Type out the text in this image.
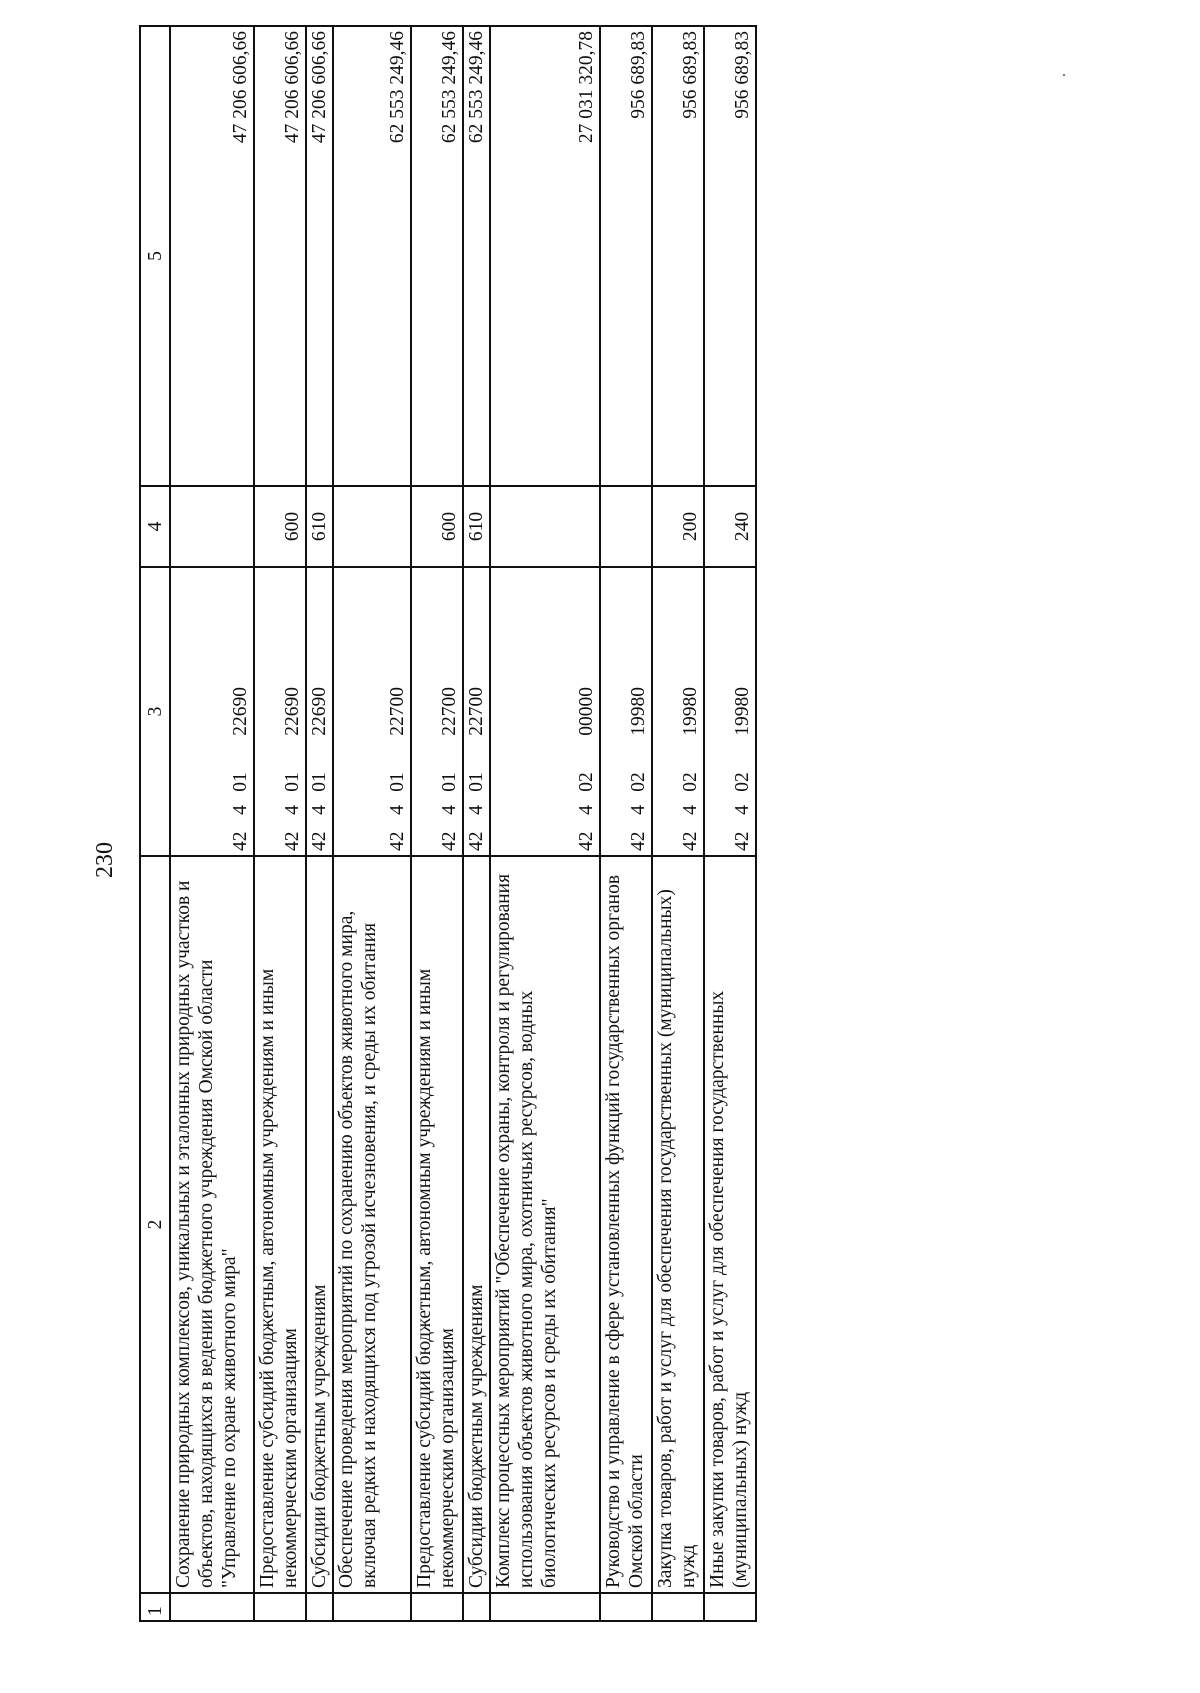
230
1	2	3	4	5
	Сохранение природных комплексов, уникальных и эталонных природных участков и объектов, находящихся в ведении бюджетного учреждения Омской области "Управление по охране животного мира"	4240122690		47 206 606,66
	Предоставление субсидий бюджетным, автономным учреждениям и иным некоммерческим организациям	4240122690	600	47 206 606,66
	Субсидии бюджетным учреждениям	4240122690	610	47 206 606,66
	Обеспечение проведения мероприятий по сохранению объектов животного мира, включая редких и находящихся под угрозой исчезновения, и среды их обитания	4240122700		62 553 249,46
	Предоставление субсидий бюджетным, автономным учреждениям и иным некоммерческим организациям	4240122700	600	62 553 249,46
	Субсидии бюджетным учреждениям	4240122700	610	62 553 249,46
	Комплекс процессных мероприятий "Обеспечение охраны, контроля и регулирования использования объектов животного мира, охотничьих ресурсов, водных биологических ресурсов и среды их обитания"	4240200000		27 031 320,78
	Руководство и управление в сфере установленных функций государственных органов Омской области	4240219980		956 689,83
	Закупка товаров, работ и услуг для обеспечения государственных (муниципальных) нужд	4240219980	200	956 689,83
	Иные закупки товаров, работ и услуг для обеспечения государственных (муниципальных) нужд	4240219980	240	956 689,83
